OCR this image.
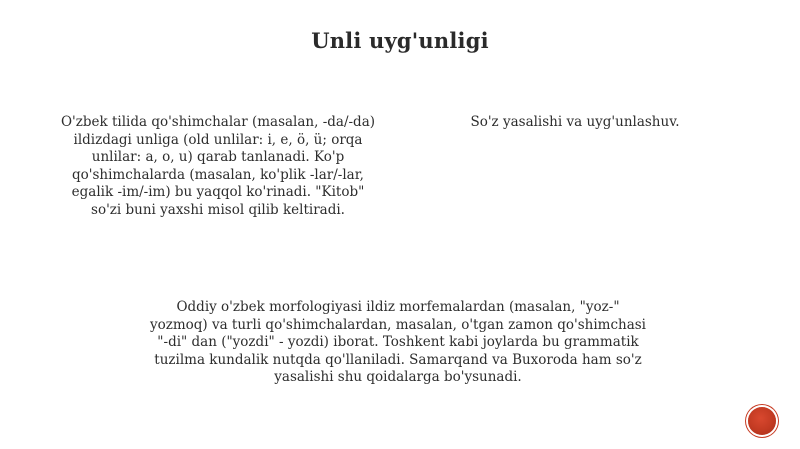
Unli uyg'unligi
O'zbek tilida qo'shimchalar (masalan, -da/-da) ildizdagi unliga (old unlilar: i, e, ö, ü; orqa unlilar: a, o, u) qarab tanlanadi. Ko'p qo'shimchalarda (masalan, ko'plik -lar/-lar, egalik -im/-im) bu yaqqol ko'rinadi. "Kitob" so'zi buni yaxshi misol qilib keltiradi.
So'z yasalishi va uyg'unlashuv.
Oddiy o'zbek morfologiyasi ildiz morfemalardan (masalan, "yoz-" yozmoq) va turli qo'shimchalardan, masalan, o'tgan zamon qo'shimchasi "-di" dan ("yozdi" - yozdi) iborat. Toshkent kabi joylarda bu grammatik tuzilma kundalik nutqda qo'llaniladi. Samarqand va Buxoroda ham so'z yasalishi shu qoidalarga bo'ysunadi.
